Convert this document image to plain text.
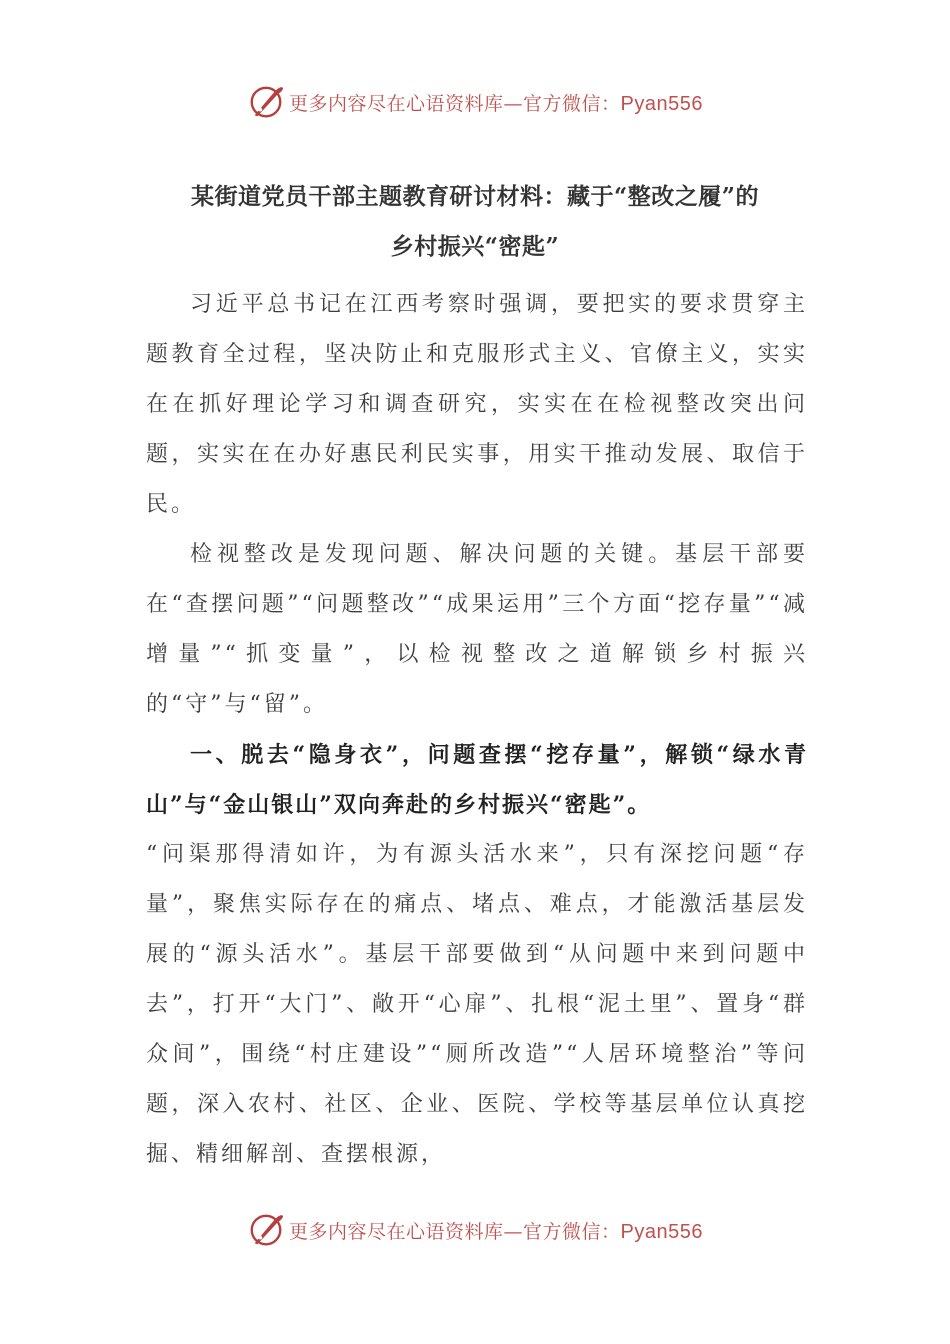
更多内容尽在心语资料库—官方微信：Pyan556
某街道党员干部主题教育研讨材料：藏于“整改之履”的
乡村振兴“密匙”

习近平总书记在江西考察时强调，要把实的要求贯穿主题教育全过程，坚决防止和克服形式主义、官僚主义，实实在在抓好理论学习和调查研究，实实在在检视整改突出问题，实实在在办好惠民利民实事，用实干推动发展、取信于民。

检视整改是发现问题、解决问题的关键。基层干部要在“查摆问题”“问题整改”“成果运用”三个方面“挖存量”“减增量”“抓变量”，以检视整改之道解锁乡村振兴的“守”与“留”。

一、脱去“隐身衣”，问题查摆“挖存量”，解锁“绿水青山”与“金山银山”双向奔赴的乡村振兴“密匙”。

“问渠那得清如许，为有源头活水来”，只有深挖问题“存量”，聚焦实际存在的痛点、堵点、难点，才能激活基层发展的“源头活水”。基层干部要做到“从问题中来到问题中去”，打开“大门”、敞开“心扉”、扎根“泥土里”、置身“群众间”，围绕“村庄建设”“厕所改造”“人居环境整治”等问题，深入农村、社区、企业、医院、学校等基层单位认真挖掘、精细解剖、查摆根源，

更多内容尽在心语资料库—官方微信：Pyan556
